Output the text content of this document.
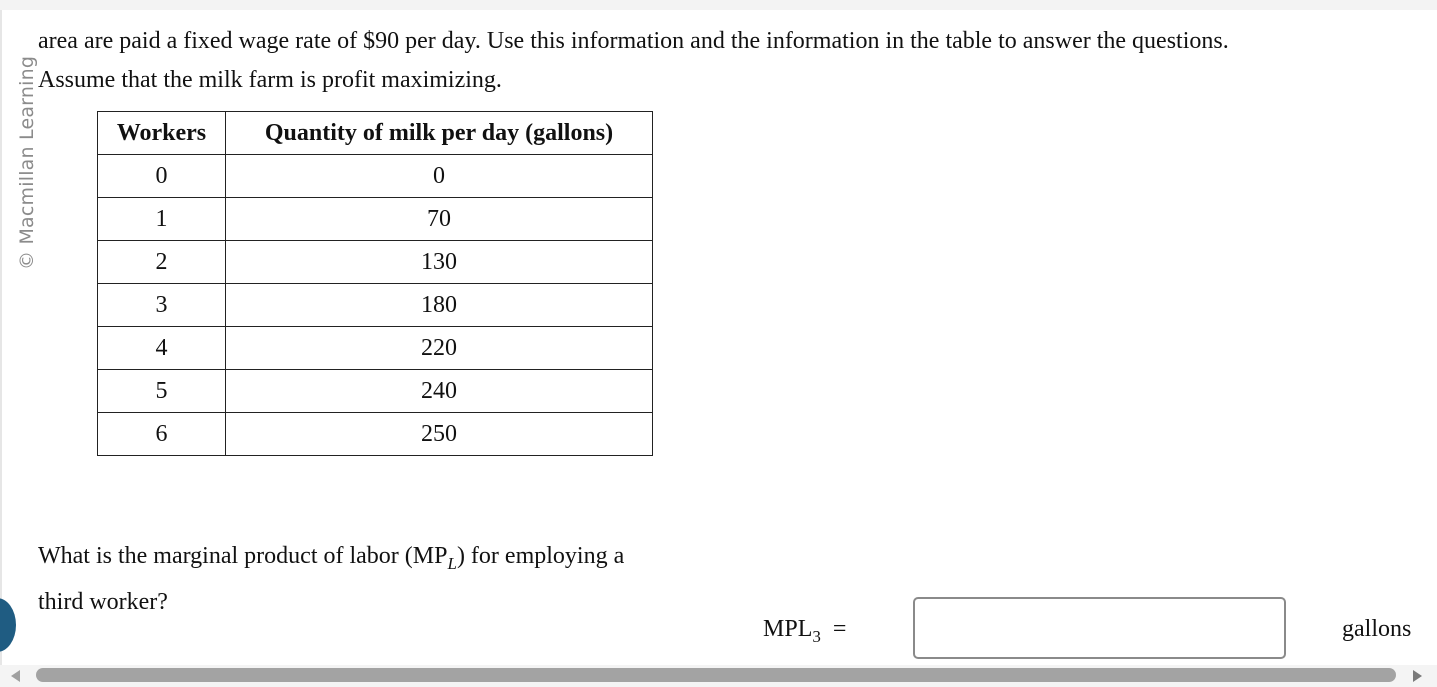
© Macmillan Learning
area are paid a fixed wage rate of $90 per day. Use this information and the information in the table to answer the questions.
Assume that the milk farm is profit maximizing.
Workers	Quantity of milk per day (gallons)
0	0
1	70
2	130
3	180
4	220
5	240
6	250
What is the marginal product of labor $(MP_L)$ for employing a
third worker?
$MPL_3$ =	gallons
